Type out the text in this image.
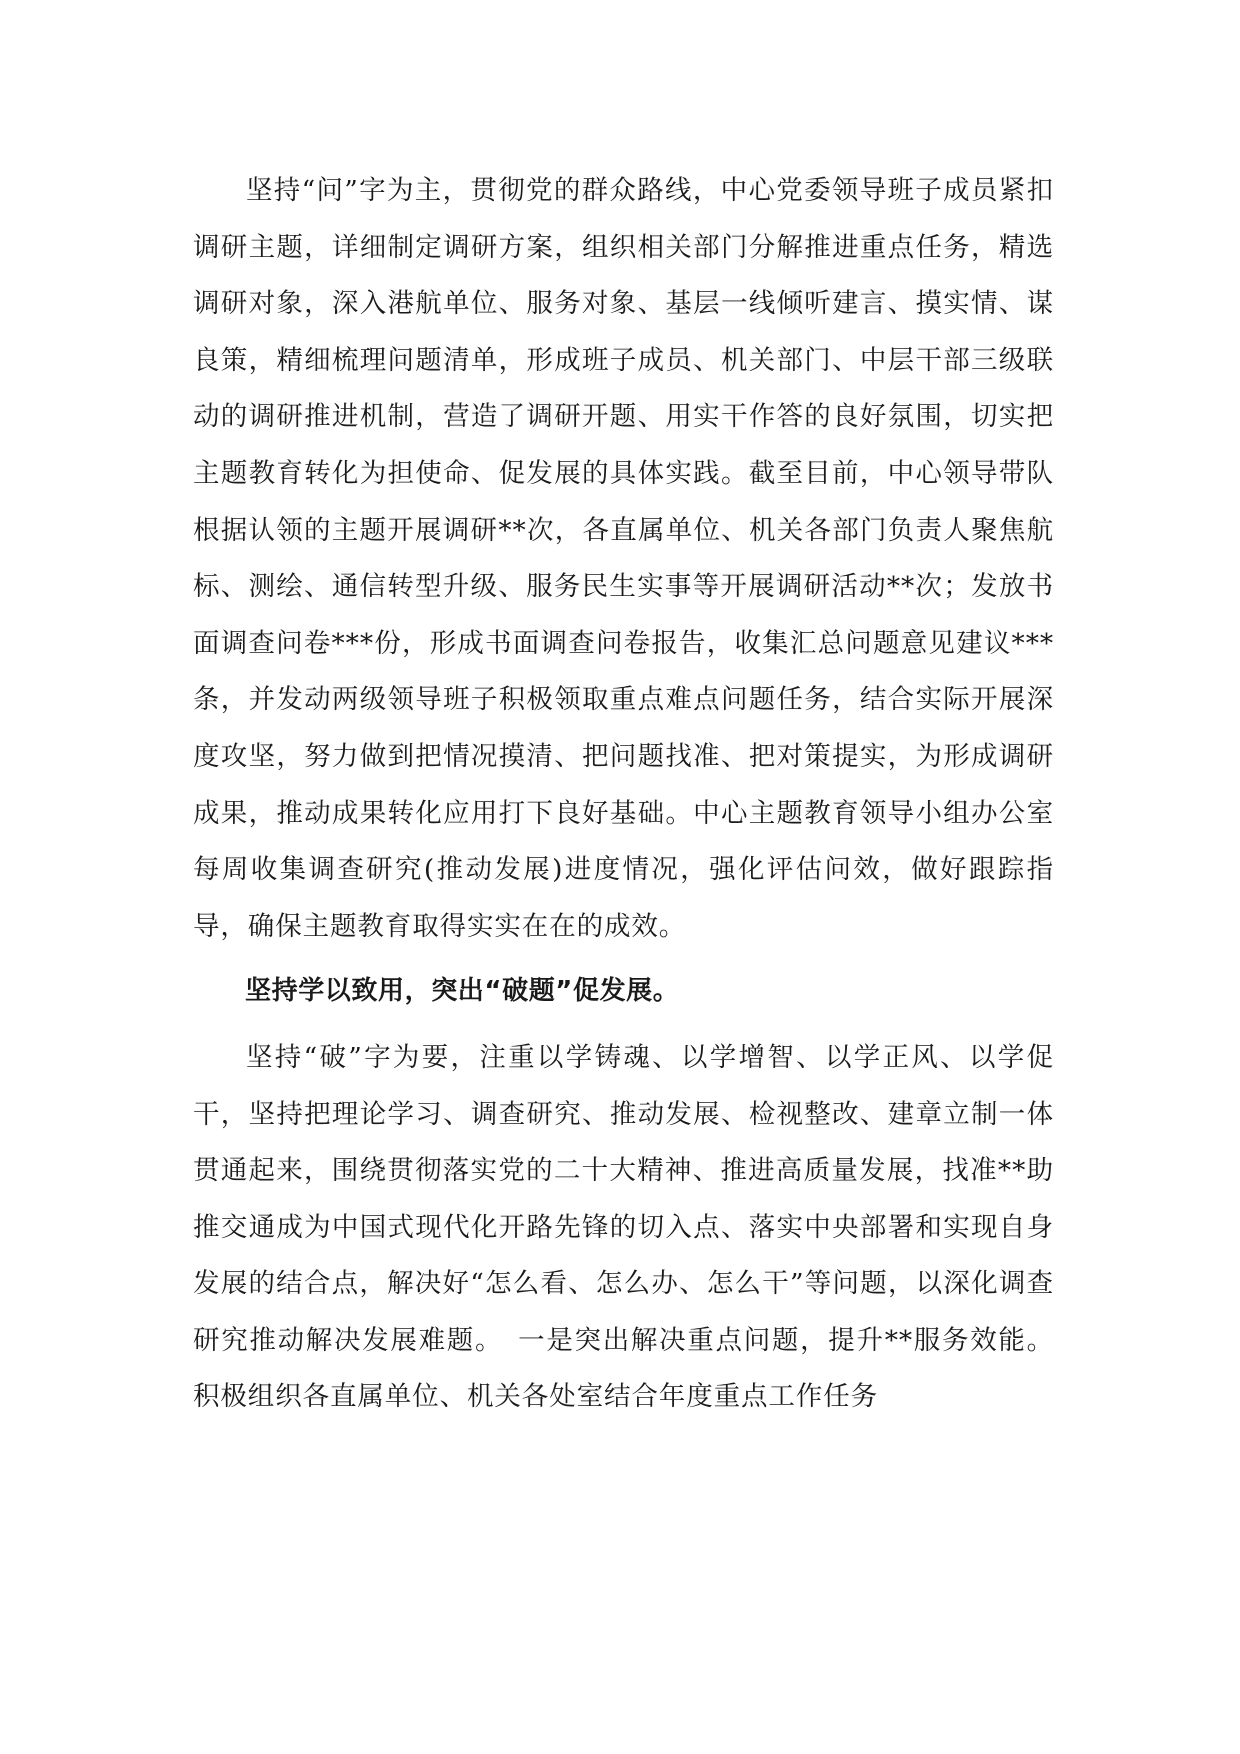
坚持“问”字为主，贯彻党的群众路线，中心党委领导班子成员紧扣调研主题，详细制定调研方案，组织相关部门分解推进重点任务，精选调研对象，深入港航单位、服务对象、基层一线倾听建言、摸实情、谋良策，精细梳理问题清单，形成班子成员、机关部门、中层干部三级联动的调研推进机制，营造了调研开题、用实干作答的良好氛围，切实把主题教育转化为担使命、促发展的具体实践。截至目前，中心领导带队根据认领的主题开展调研**次，各直属单位、机关各部门负责人聚焦航标、测绘、通信转型升级、服务民生实事等开展调研活动**次；发放书面调查问卷***份，形成书面调查问卷报告，收集汇总问题意见建议***条，并发动两级领导班子积极领取重点难点问题任务，结合实际开展深度攻坚，努力做到把情况摸清、把问题找准、把对策提实，为形成调研成果，推动成果转化应用打下良好基础。中心主题教育领导小组办公室每周收集调查研究(推动发展)进度情况，强化评估问效，做好跟踪指导，确保主题教育取得实实在在的成效。

坚持学以致用，突出“破题”促发展。

坚持“破”字为要，注重以学铸魂、以学增智、以学正风、以学促干，坚持把理论学习、调查研究、推动发展、检视整改、建章立制一体贯通起来，围绕贯彻落实党的二十大精神、推进高质量发展，找准**助推交通成为中国式现代化开路先锋的切入点、落实中央部署和实现自身发展的结合点，解决好“怎么看、怎么办、怎么干”等问题，以深化调查研究推动解决发展难题。　一是突出解决重点问题，提升**服务效能。积极组织各直属单位、机关各处室结合年度重点工作任务
